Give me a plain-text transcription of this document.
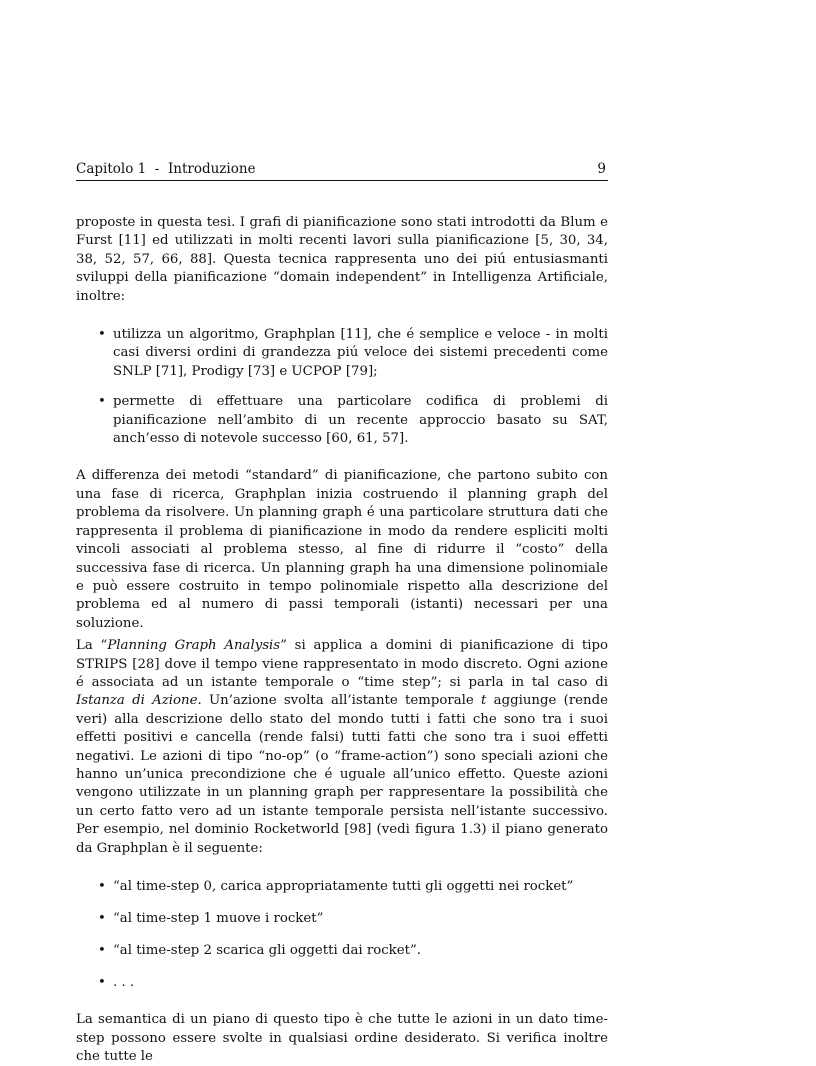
Capitolo 1  -  Introduzione	9

proposte in questa tesi. I grafi di pianificazione sono stati introdotti da Blum e Furst [11] ed utilizzati in molti recenti lavori sulla pianificazione [5, 30, 34, 38, 52, 57, 66, 88]. Questa tecnica rappresenta uno dei piú entusiasmanti sviluppi della pianificazione “domain independent” in Intelligenza Artificiale, inoltre:

• utilizza un algoritmo, Graphplan [11], che é semplice e veloce - in molti casi diversi ordini di grandezza piú veloce dei sistemi precedenti come SNLP [71], Prodigy [73] e UCPOP [79];
• permette di effettuare una particolare codifica di problemi di pianificazione nell’ambito di un recente approccio basato su SAT, anch’esso di notevole successo [60, 61, 57].

A differenza dei metodi “standard” di pianificazione, che partono subito con una fase di ricerca, Graphplan inizia costruendo il planning graph del problema da risolvere. Un planning graph é una particolare struttura dati che rappresenta il problema di pianificazione in modo da rendere espliciti molti vincoli associati al problema stesso, al fine di ridurre il “costo” della successiva fase di ricerca. Un planning graph ha una dimensione polinomiale e può essere costruito in tempo polinomiale rispetto alla descrizione del problema ed al numero di passi temporali (istanti) necessari per una soluzione.

La “Planning Graph Analysis” si applica a domini di pianificazione di tipo STRIPS [28] dove il tempo viene rappresentato in modo discreto. Ogni azione é associata ad un istante temporale o “time step”; si parla in tal caso di Istanza di Azione. Un’azione svolta all’istante temporale t aggiunge (rende veri) alla descrizione dello stato del mondo tutti i fatti che sono tra i suoi effetti positivi e cancella (rende falsi) tutti fatti che sono tra i suoi effetti negativi. Le azioni di tipo “no-op” (o “frame-action”) sono speciali azioni che hanno un’unica precondizione che é uguale all’unico effetto. Queste azioni vengono utilizzate in un planning graph per rappresentare la possibilità che un certo fatto vero ad un istante temporale persista nell’istante successivo. Per esempio, nel dominio Rocketworld [98] (vedi figura 1.3) il piano generato da Graphplan è il seguente:

• “al time-step 0, carica appropriatamente tutti gli oggetti nei rocket”
• “al time-step 1 muove i rocket”
• “al time-step 2 scarica gli oggetti dai rocket”.
• . . .

La semantica di un piano di questo tipo è che tutte le azioni in un dato time-step possono essere svolte in qualsiasi ordine desiderato. Si verifica inoltre che tutte le
